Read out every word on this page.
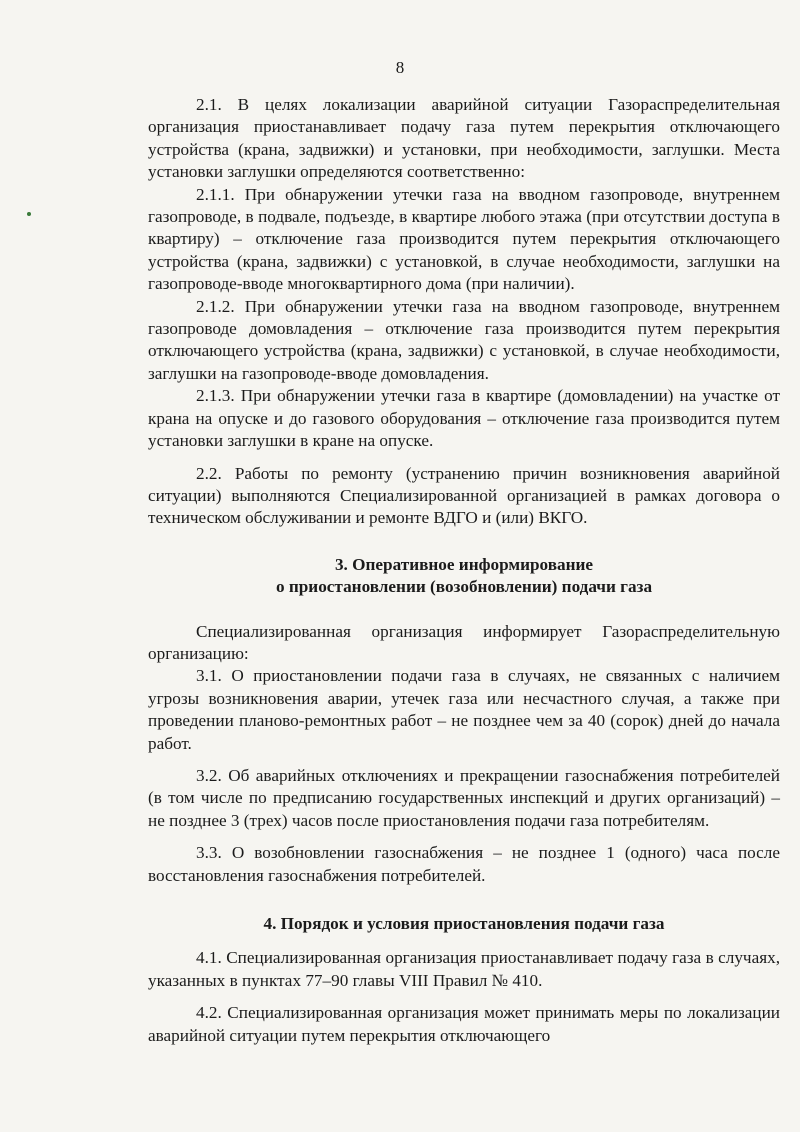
8

2.1. В целях локализации аварийной ситуации Газораспределительная организация приостанавливает подачу газа путем перекрытия отключающего устройства (крана, задвижки) и установки, при необходимости, заглушки. Места установки заглушки определяются соответственно:

2.1.1. При обнаружении утечки газа на вводном газопроводе, внутреннем газопроводе, в подвале, подъезде, в квартире любого этажа (при отсутствии доступа в квартиру) – отключение газа производится путем перекрытия отключающего устройства (крана, задвижки) с установкой, в случае необходимости, заглушки на газопроводе-вводе многоквартирного дома (при наличии).

2.1.2. При обнаружении утечки газа на вводном газопроводе, внутреннем газопроводе домовладения – отключение газа производится путем перекрытия отключающего устройства (крана, задвижки) с установкой, в случае необходимости, заглушки на газопроводе-вводе домовладения.

2.1.3. При обнаружении утечки газа в квартире (домовладении) на участке от крана на опуске и до газового оборудования – отключение газа производится путем установки заглушки в кране на опуске.

2.2. Работы по ремонту (устранению причин возникновения аварийной ситуации) выполняются Специализированной организацией в рамках договора о техническом обслуживании и ремонте ВДГО и (или) ВКГО.

3. Оперативное информирование
о приостановлении (возобновлении) подачи газа

Специализированная организация информирует Газораспределительную организацию:

3.1. О приостановлении подачи газа в случаях, не связанных с наличием угрозы возникновения аварии, утечек газа или несчастного случая, а также при проведении планово-ремонтных работ – не позднее чем за 40 (сорок) дней до начала работ.

3.2. Об аварийных отключениях и прекращении газоснабжения потребителей (в том числе по предписанию государственных инспекций и других организаций) – не позднее 3 (трех) часов после приостановления подачи газа потребителям.

3.3. О возобновлении газоснабжения – не позднее 1 (одного) часа после восстановления газоснабжения потребителей.

4. Порядок и условия приостановления подачи газа

4.1. Специализированная организация приостанавливает подачу газа в случаях, указанных в пунктах 77–90 главы VIII Правил № 410.

4.2. Специализированная организация может принимать меры по локализации аварийной ситуации путем перекрытия отключающего
